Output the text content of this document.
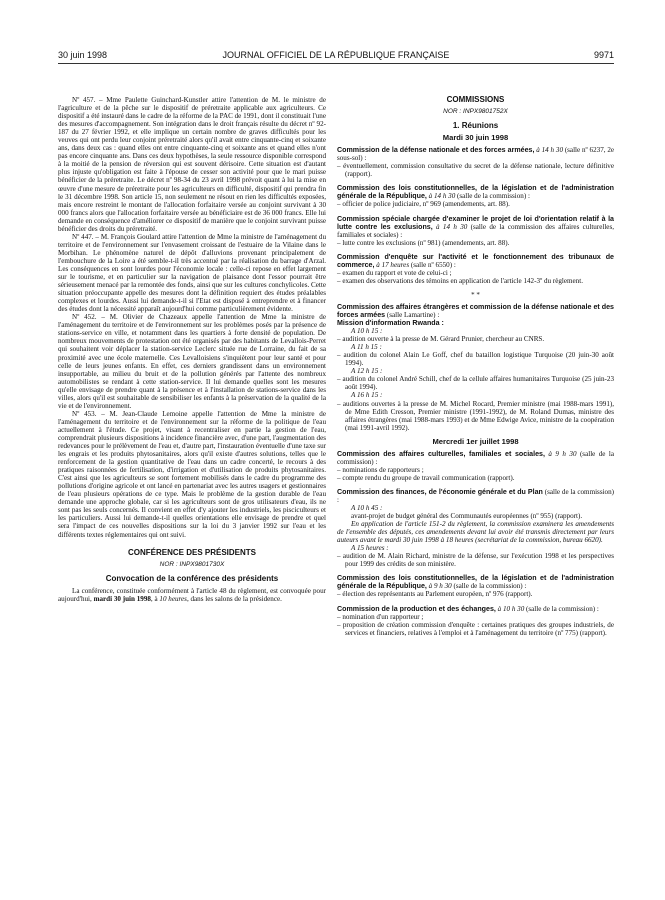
30 juin 1998	JOURNAL OFFICIEL DE LA RÉPUBLIQUE FRANÇAISE	9971

Nº 457. – Mme Paulette Guinchard-Kunstler attire l'attention de M. le ministre de l'agriculture et de la pêche sur le dispositif de préretraite applicable aux agriculteurs. Ce dispositif a été instauré dans le cadre de la réforme de la PAC de 1991, dont il constituait l'une des mesures d'accompagnement. Son intégration dans le droit français résulte du décret nº 92-187 du 27 février 1992, et elle implique un certain nombre de graves difficultés pour les veuves qui ont perdu leur conjoint préretraité alors qu'il avait entre cinquante-cinq et soixante ans, dans deux cas : quand elles ont entre cinquante-cinq et soixante ans et quand elles n'ont pas encore cinquante ans. Dans ces deux hypothèses, la seule ressource disponible correspond à la moitié de la pension de réversion qui est souvent dérisoire. Cette situation est d'autant plus injuste qu'obligation est faite à l'épouse de cesser son activité pour que le mari puisse bénéficier de la préretraite. Le décret nº 98-34 du 23 avril 1998 prévoit quant à lui la mise en œuvre d'une mesure de préretraite pour les agriculteurs en difficulté, dispositif qui prendra fin le 31 décembre 1998. Son article 15, non seulement ne résout en rien les difficultés exposées, mais encore restreint le montant de l'allocation forfaitaire versée au conjoint survivant à 30 000 francs alors que l'allocation forfaitaire versée au bénéficiaire est de 36 000 francs. Elle lui demande en conséquence d'améliorer ce dispositif de manière que le conjoint survivant puisse bénéficier des droits du préretraité.

Nº 447. – M. François Goulard attire l'attention de Mme la ministre de l'aménagement du territoire et de l'environnement sur l'envasement croissant de l'estuaire de la Vilaine dans le Morbihan. Le phénomène naturel de dépôt d'alluvions provenant principalement de l'embouchure de la Loire a été semble-t-il très accentué par la réalisation du barrage d'Arzal. Les conséquences en sont lourdes pour l'économie locale : celle-ci repose en effet largement sur le tourisme, et en particulier sur la navigation de plaisance dont l'essor pourrait être sérieusement menacé par la remontée des fonds, ainsi que sur les cultures conchylicoles. Cette situation préoccupante appelle des mesures dont la définition requiert des études préalables complexes et lourdes. Aussi lui demande-t-il si l'Etat est disposé à entreprendre et à financer des études dont la nécessité apparaît aujourd'hui comme particulièrement évidente.

Nº 452. – M. Olivier de Chazeaux appelle l'attention de Mme la ministre de l'aménagement du territoire et de l'environnement sur les problèmes posés par la présence de stations-service en ville, et notamment dans les quartiers à forte densité de population. De nombreux mouvements de protestation ont été organisés par des habitants de Levallois-Perret qui souhaitent voir déplacer la station-service Leclerc située rue de Lorraine, du fait de sa proximité avec une école maternelle. Ces Levalloisiens s'inquiètent pour leur santé et pour celle de leurs jeunes enfants. En effet, ces derniers grandissent dans un environnement insupportable, au milieu du bruit et de la pollution générés par l'attente des nombreux automobilistes se rendant à cette station-service. Il lui demande quelles sont les mesures qu'elle envisage de prendre quant à la présence et à l'installation de stations-service dans les villes, alors qu'il est souhaitable de sensibiliser les enfants à la préservation de la qualité de la vie et de l'environnement.

Nº 453. – M. Jean-Claude Lemoine appelle l'attention de Mme la ministre de l'aménagement du territoire et de l'environnement sur la réforme de la politique de l'eau actuellement à l'étude. Ce projet, visant à recentraliser en partie la gestion de l'eau, comprendrait plusieurs dispositions à incidence financière avec, d'une part, l'augmentation des redevances pour le prélèvement de l'eau et, d'autre part, l'instauration éventuelle d'une taxe sur les engrais et les produits phytosanitaires, alors qu'il existe d'autres solutions, telles que le renforcement de la gestion quantitative de l'eau dans un cadre concerté, le recours à des pratiques raisonnées de fertilisation, d'irrigation et d'utilisation de produits phytosanitaires. C'est ainsi que les agriculteurs se sont fortement mobilisés dans le cadre du programme des pollutions d'origine agricole et ont lancé en partenariat avec les autres usagers et gestionnaires de l'eau plusieurs opérations de ce type. Mais le problème de la gestion durable de l'eau demande une approche globale, car si les agriculteurs sont de gros utilisateurs d'eau, ils ne sont pas les seuls concernés. Il convient en effet d'y ajouter les industriels, les pisciculteurs et les particuliers. Aussi lui demande-t-il quelles orientations elle envisage de prendre et quel sera l'impact de ces nouvelles dispositions sur la loi du 3 janvier 1992 sur l'eau et les différents textes réglementaires qui ont suivi.

CONFÉRENCE DES PRÉSIDENTS
NOR : INPX9801730X
Convocation de la conférence des présidents

La conférence, constituée conformément à l'article 48 du règlement, est convoquée pour aujourd'hui, mardi 30 juin 1998, à 10 heures, dans les salons de la présidence.

COMMISSIONS
NOR : INPX9801752X
1. Réunions
Mardi 30 juin 1998

Commission de la défense nationale et des forces armées, à 14 h 30 (salle nº 6237, 2e sous-sol) :

– éventuellement, commission consultative du secret de la défense nationale, lecture définitive (rapport).

Commission des lois constitutionnelles, de la législation et de l'administration générale de la République, à 14 h 30 (salle de la commission) :

– officier de police judiciaire, nº 969 (amendements, art. 88).

Commission spéciale chargée d'examiner le projet de loi d'orientation relatif à la lutte contre les exclusions, à 14 h 30 (salle de la commission des affaires culturelles, familiales et sociales) :

– lutte contre les exclusions (nº 981) (amendements, art. 88).

Commission d'enquête sur l'activité et le fonctionnement des tribunaux de commerce, à 17 heures (salle nº 6550) :

– examen du rapport et vote de celui-ci ;

– examen des observations des témoins en application de l'article 142-3º du règlement.

* *

Commission des affaires étrangères et commission de la défense nationale et des forces armées (salle Lamartine) :

Mission d'information Rwanda :

A 10 h 15 :

– audition ouverte à la presse de M. Gérard Prunier, chercheur au CNRS.

A 11 h 15 :

– audition du colonel Alain Le Goff, chef du bataillon logistique Turquoise (20 juin-30 août 1994).

A 12 h 15 :

– audition du colonel André Schill, chef de la cellule affaires humanitaires Turquoise (25 juin-23 août 1994).

A 16 h 15 :

– auditions ouvertes à la presse de M. Michel Rocard, Premier ministre (mai 1988-mars 1991), de Mme Edith Cresson, Premier ministre (1991-1992), de M. Roland Dumas, ministre des affaires étrangères (mai 1988-mars 1993) et de Mme Edwige Avice, ministre de la coopération (mai 1991-avril 1992).

Mercredi 1er juillet 1998

Commission des affaires culturelles, familiales et sociales, à 9 h 30 (salle de la commission) :

– nominations de rapporteurs ;

– compte rendu du groupe de travail communication (rapport).

Commission des finances, de l'économie générale et du Plan (salle de la commission) :

A 10 h 45 :

avant-projet de budget général des Communautés européennes (nº 955) (rapport).

En application de l'article 151-2 du règlement, la commission examinera les amendements de l'ensemble des députés, ces amendements devant lui avoir été transmis directement par leurs auteurs avant le mardi 30 juin 1998 à 18 heures (secrétariat de la commission, bureau 6620).

A 15 heures :

– audition de M. Alain Richard, ministre de la défense, sur l'exécution 1998 et les perspectives pour 1999 des crédits de son ministère.

Commission des lois constitutionnelles, de la législation et de l'administration générale de la République, à 9 h 30 (salle de la commission) :

– élection des représentants au Parlement européen, nº 976 (rapport).

Commission de la production et des échanges, à 10 h 30 (salle de la commission) :

– nomination d'un rapporteur ;

– proposition de création commission d'enquête : certaines pratiques des groupes industriels, de services et financiers, relatives à l'emploi et à l'aménagement du territoire (nº 775) (rapport).
